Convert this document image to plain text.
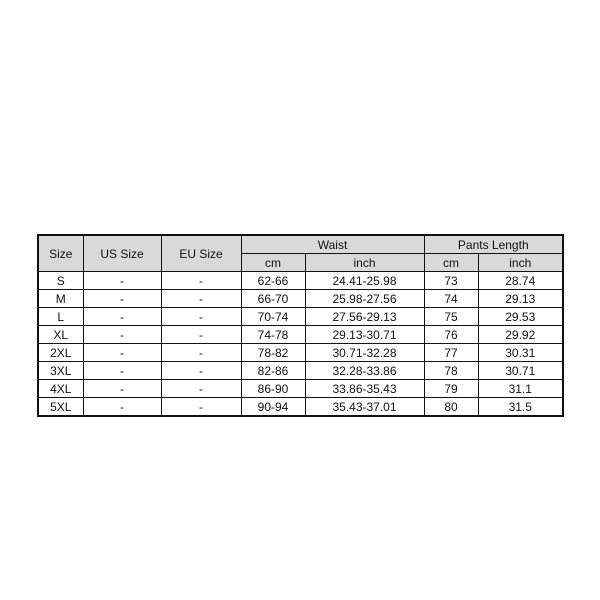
Size	US Size	EU Size	Waist		Pants Length	
			cm	inch	cm	inch
S	-	-	62-66	24.41-25.98	73	28.74
M	-	-	66-70	25.98-27.56	74	29.13
L	-	-	70-74	27.56-29.13	75	29.53
XL	-	-	74-78	29.13-30.71	76	29.92
2XL	-	-	78-82	30.71-32.28	77	30.31
3XL	-	-	82-86	32.28-33.86	78	30.71
4XL	-	-	86-90	33.86-35.43	79	31.1
5XL	-	-	90-94	35.43-37.01	80	31.5
